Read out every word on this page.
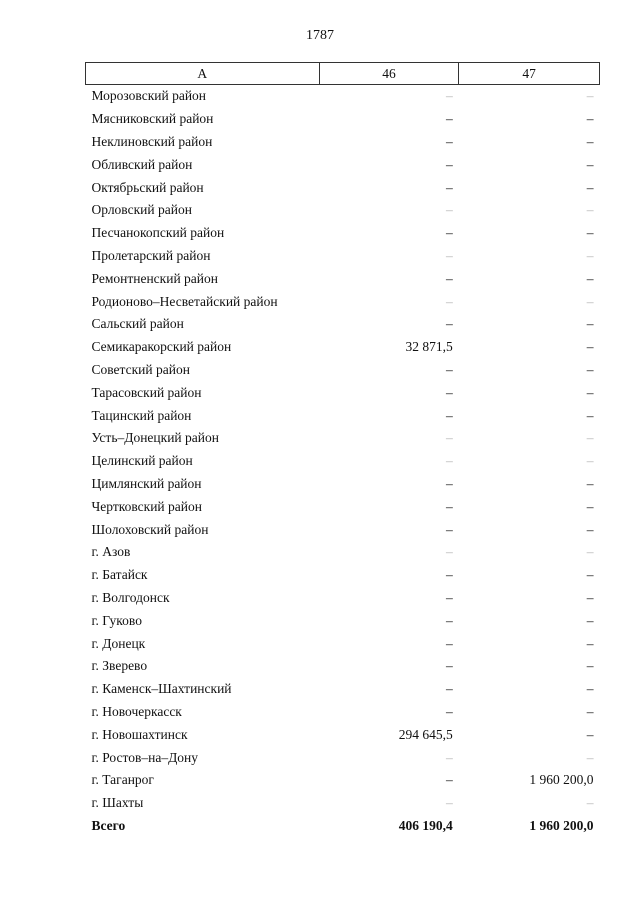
1787
А	46	47
Морозовский район	–	–
Мясниковский район	–	–
Неклиновский район	–	–
Обливский район	–	–
Октябрьский район	–	–
Орловский район	–	–
Песчанокопский район	–	–
Пролетарский район	–	–
Ремонтненский район	–	–
Родионово–Несветайский район	–	–
Сальский район	–	–
Семикаракорский район	32 871,5	–
Советский район	–	–
Тарасовский район	–	–
Тацинский район	–	–
Усть–Донецкий район	–	–
Целинский район	–	–
Цимлянский район	–	–
Чертковский район	–	–
Шолоховский район	–	–
г. Азов	–	–
г. Батайск	–	–
г. Волгодонск	–	–
г. Гуково	–	–
г. Донецк	–	–
г. Зверево	–	–
г. Каменск–Шахтинский	–	–
г. Новочеркасск	–	–
г. Новошахтинск	294 645,5	–
г. Ростов–на–Дону	–	–
г. Таганрог	–	1 960 200,0
г. Шахты	–	–
Всего	406 190,4	1 960 200,0
